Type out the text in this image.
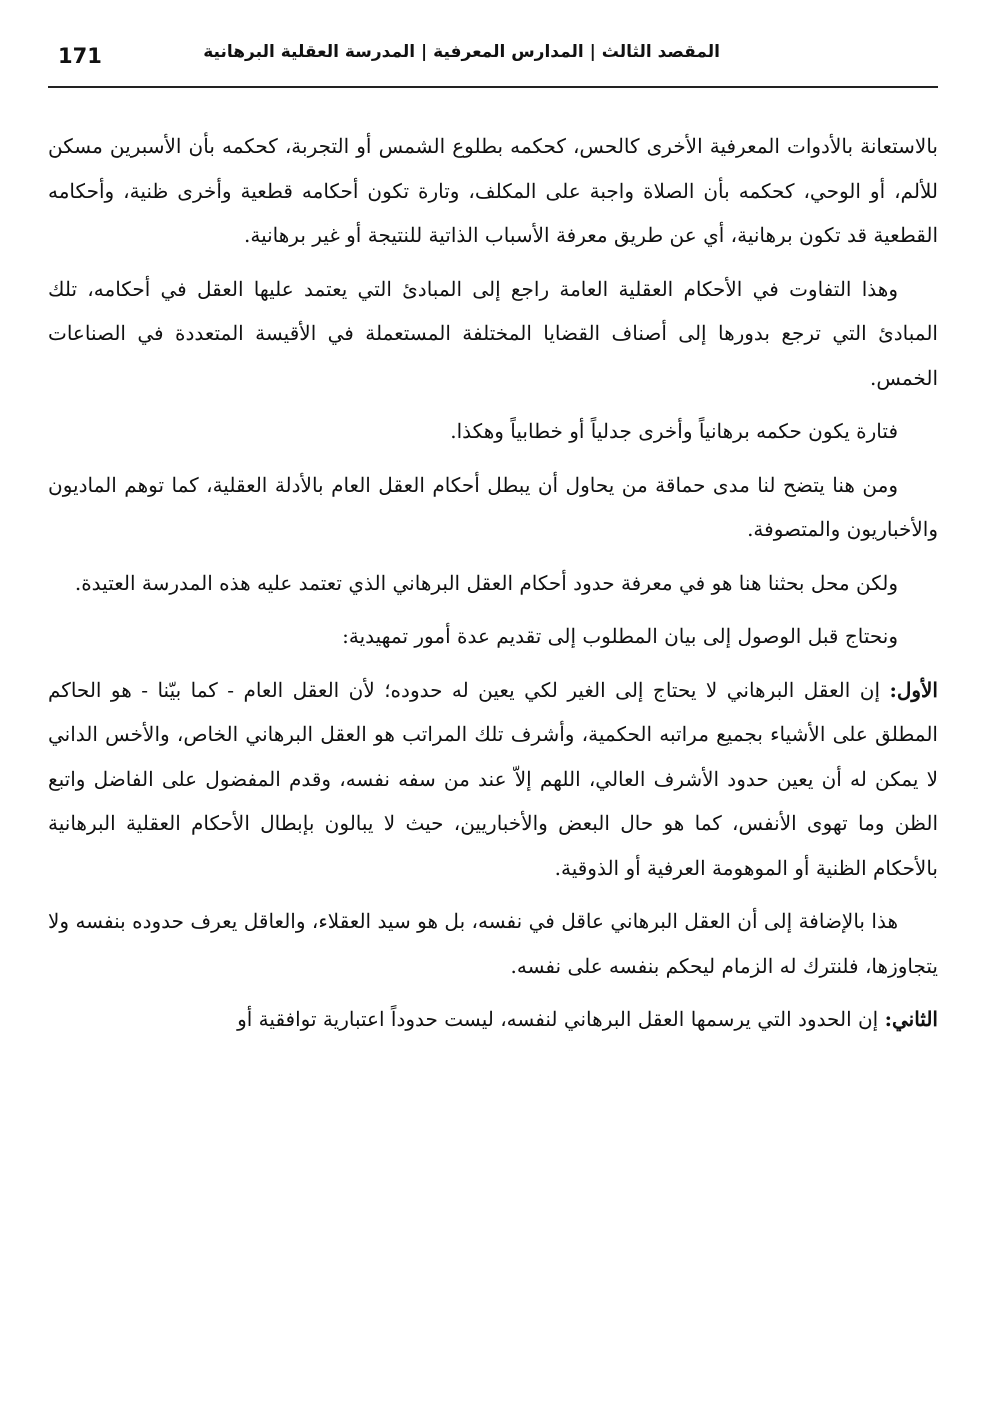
171	المقصد الثالث | المدارس المعرفية | المدرسة العقلية البرهانية

بالاستعانة بالأدوات المعرفية الأخرى كالحس، كحكمه بطلوع الشمس أو التجربة، كحكمه بأن الأسبرين مسكن للألم، أو الوحي، كحكمه بأن الصلاة واجبة على المكلف، وتارة تكون أحكامه قطعية وأخرى ظنية، وأحكامه القطعية قد تكون برهانية، أي عن طريق معرفة الأسباب الذاتية للنتيجة أو غير برهانية.

وهذا التفاوت في الأحكام العقلية العامة راجع إلى المبادئ التي يعتمد عليها العقل في أحكامه، تلك المبادئ التي ترجع بدورها إلى أصناف القضايا المختلفة المستعملة في الأقيسة المتعددة في الصناعات الخمس.

فتارة يكون حكمه برهانياً وأخرى جدلياً أو خطابياً وهكذا.

ومن هنا يتضح لنا مدى حماقة من يحاول أن يبطل أحكام العقل العام بالأدلة العقلية، كما توهم الماديون والأخباريون والمتصوفة.

ولكن محل بحثنا هنا هو في معرفة حدود أحكام العقل البرهاني الذي تعتمد عليه هذه المدرسة العتيدة.

ونحتاج قبل الوصول إلى بيان المطلوب إلى تقديم عدة أمور تمهيدية:

الأول: إن العقل البرهاني لا يحتاج إلى الغير لكي يعين له حدوده؛ لأن العقل العام - كما بيّنا - هو الحاكم المطلق على الأشياء بجميع مراتبه الحكمية، وأشرف تلك المراتب هو العقل البرهاني الخاص، والأخس الداني لا يمكن له أن يعين حدود الأشرف العالي، اللهم إلاّ عند من سفه نفسه، وقدم المفضول على الفاضل واتبع الظن وما تهوى الأنفس، كما هو حال البعض والأخباريين، حيث لا يبالون بإبطال الأحكام العقلية البرهانية بالأحكام الظنية أو الموهومة العرفية أو الذوقية.

هذا بالإضافة إلى أن العقل البرهاني عاقل في نفسه، بل هو سيد العقلاء، والعاقل يعرف حدوده بنفسه ولا يتجاوزها، فلنترك له الزمام ليحكم بنفسه على نفسه.

الثاني: إن الحدود التي يرسمها العقل البرهاني لنفسه، ليست حدوداً اعتبارية توافقية أو
